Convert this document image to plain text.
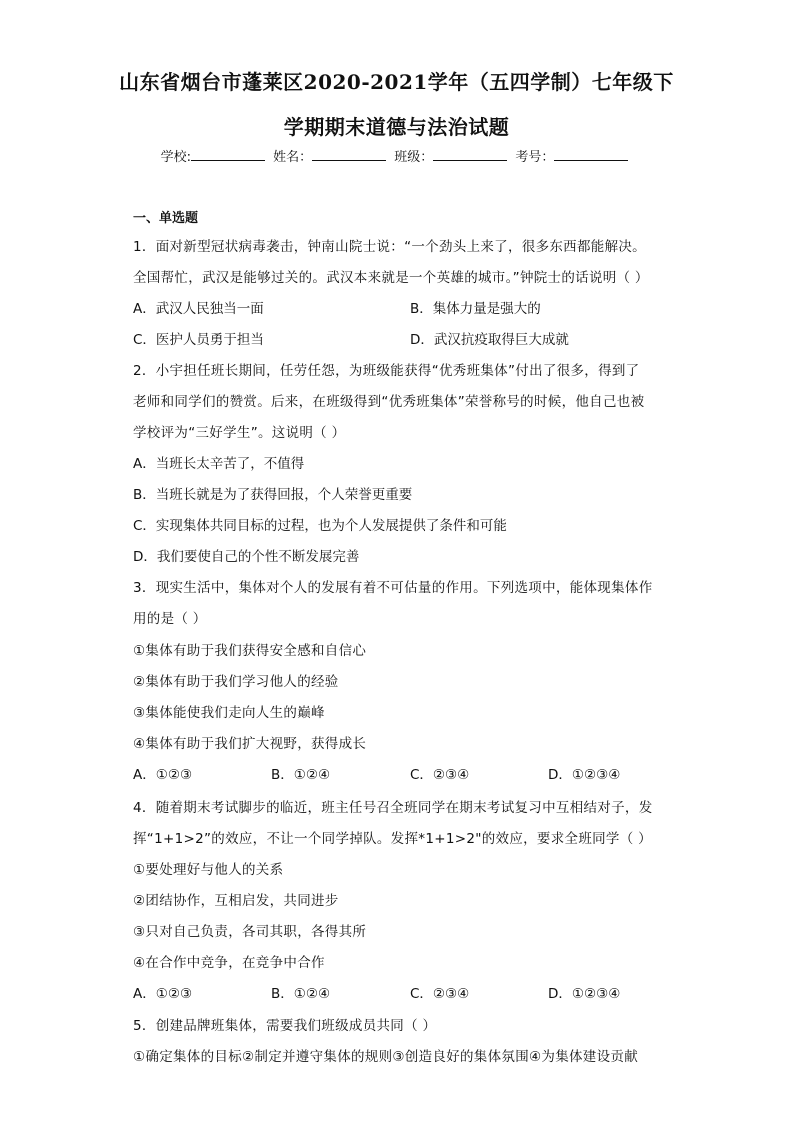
山东省烟台市蓬莱区2020-2021学年（五四学制）七年级下
学期期末道德与法治试题
学校:	姓名：	班级：	考号：
一、单选题
1．面对新型冠状病毒袭击，钟南山院士说：“一个劲头上来了，很多东西都能解决。
全国帮忙，武汉是能够过关的。武汉本来就是一个英雄的城市。”钟院士的话说明（ ）
A．武汉人民独当一面	B．集体力量是强大的
C．医护人员勇于担当	D．武汉抗疫取得巨大成就
2．小宇担任班长期间，任劳任怨，为班级能获得“优秀班集体”付出了很多，得到了
老师和同学们的赞赏。后来，在班级得到“优秀班集体”荣誉称号的时候，他自己也被
学校评为“三好学生”。这说明（ ）
A．当班长太辛苦了，不值得
B．当班长就是为了获得回报，个人荣誉更重要
C．实现集体共同目标的过程，也为个人发展提供了条件和可能
D．我们要使自己的个性不断发展完善
3．现实生活中，集体对个人的发展有着不可估量的作用。下列选项中，能体现集体作
用的是（ ）
①集体有助于我们获得安全感和自信心
②集体有助于我们学习他人的经验
③集体能使我们走向人生的巅峰
④集体有助于我们扩大视野，获得成长
A．①②③	B．①②④	C．②③④	D．①②③④
4．随着期末考试脚步的临近，班主任号召全班同学在期末考试复习中互相结对子，发
挥“1+1>2”的效应，不让一个同学掉队。发挥*1+1>2"的效应，要求全班同学（ ）
①要处理好与他人的关系
②团结协作，互相启发，共同进步
③只对自己负责，各司其职，各得其所
④在合作中竞争，在竞争中合作
A．①②③	B．①②④	C．②③④	D．①②③④
5．创建品牌班集体，需要我们班级成员共同（ ）
①确定集体的目标②制定并遵守集体的规则③创造良好的集体氛围④为集体建设贡献
